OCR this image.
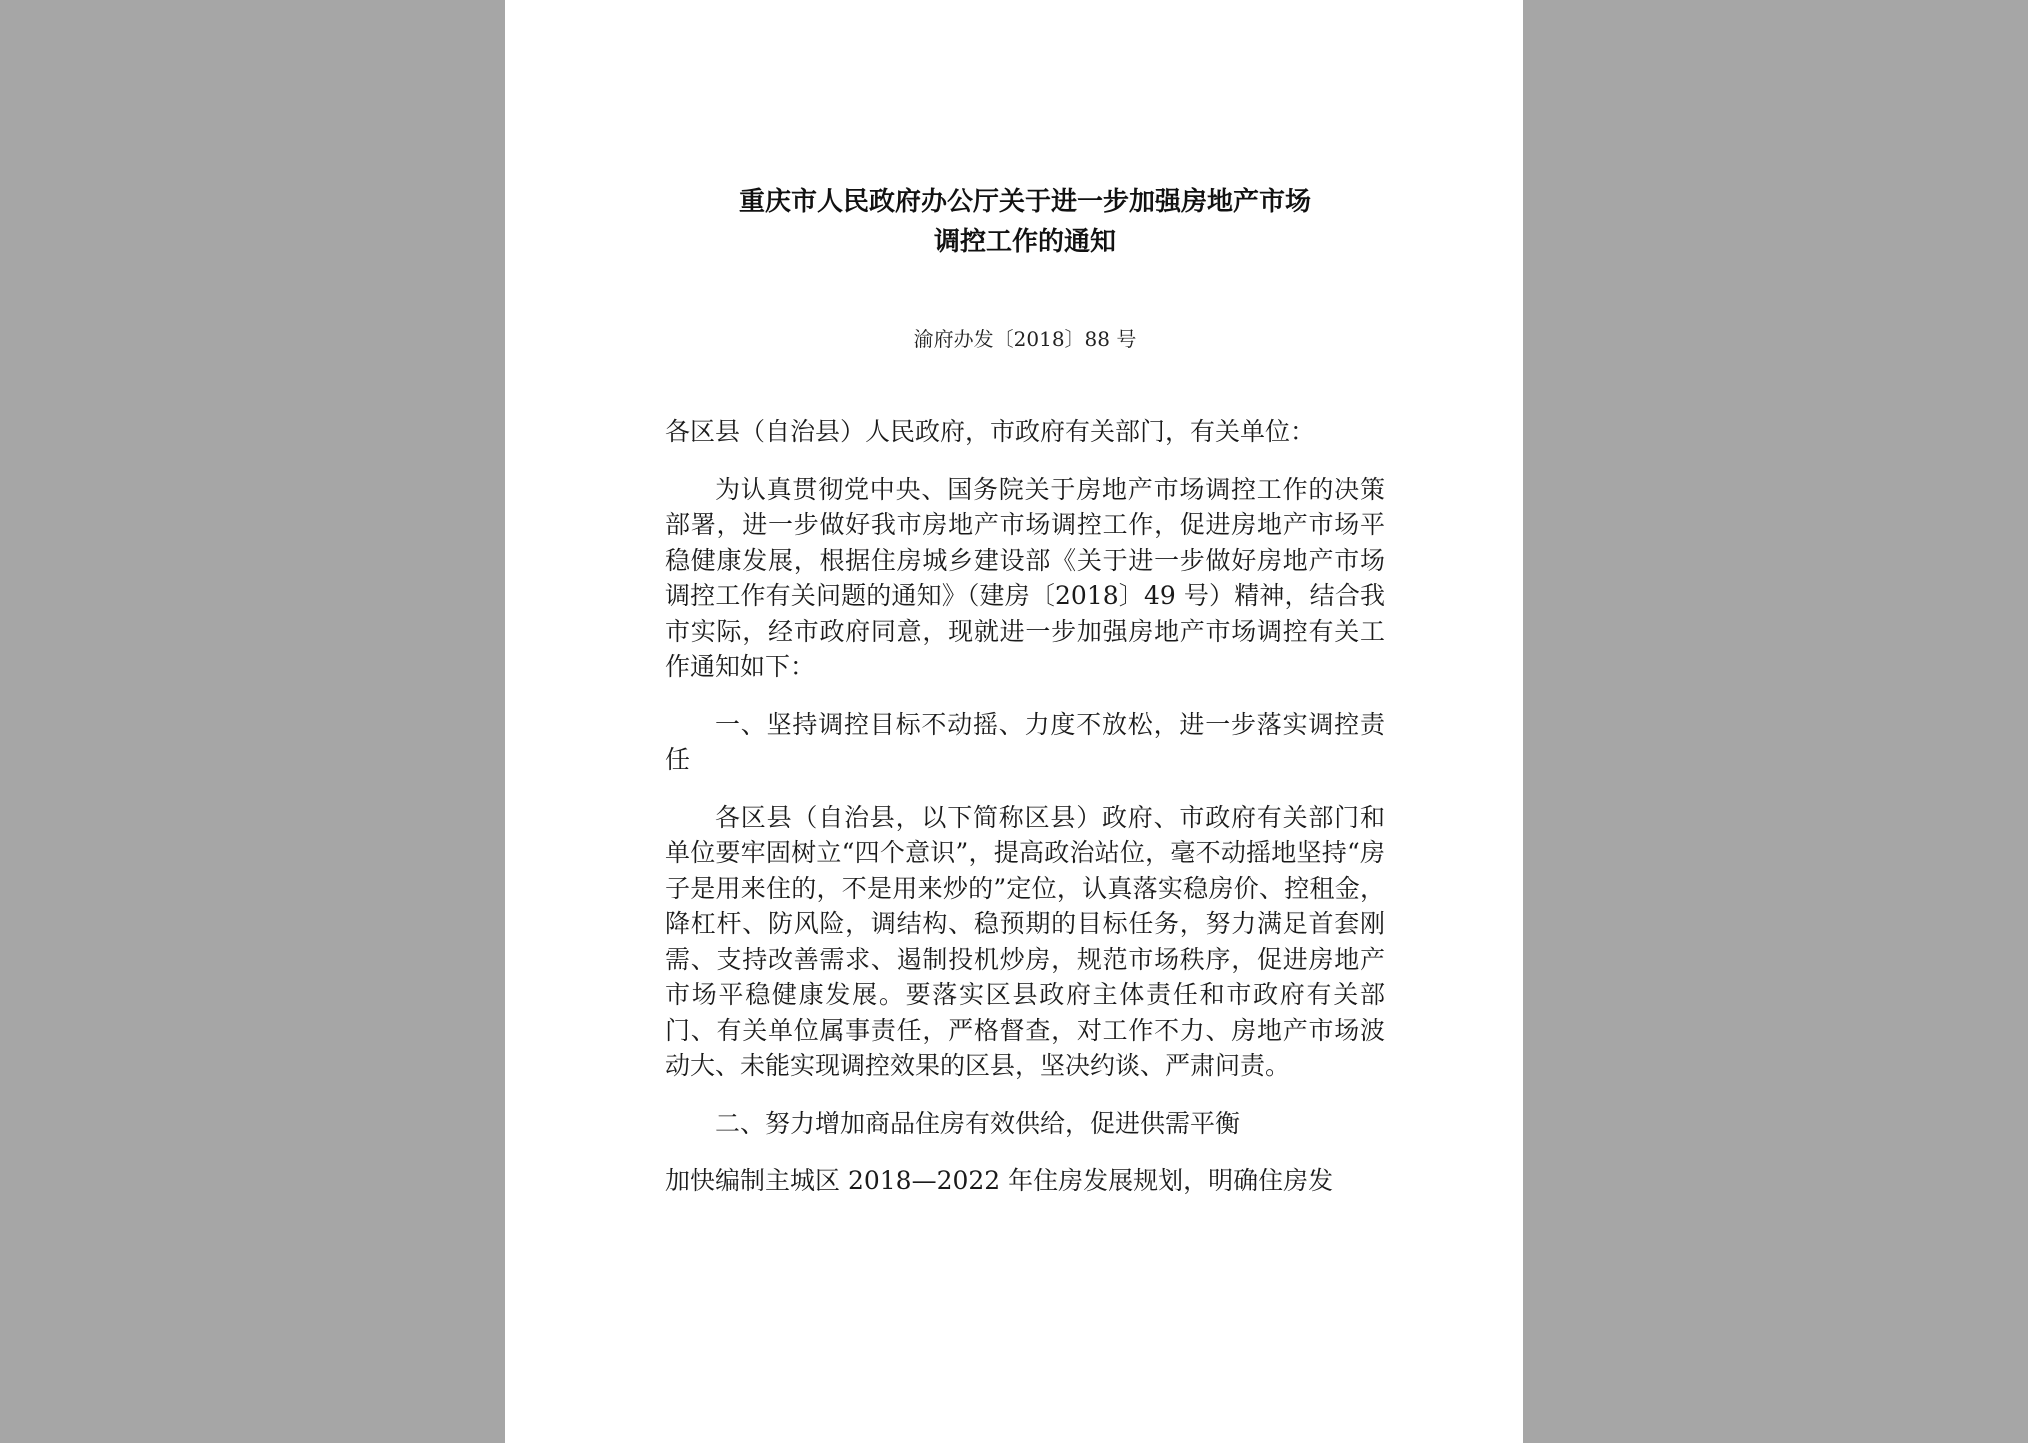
重庆市人民政府办公厅关于进一步加强房地产市场
调控工作的通知
渝府办发〔2018〕88 号

各区县（自治县）人民政府，市政府有关部门，有关单位：

为认真贯彻党中央、国务院关于房地产市场调控工作的决策部署，进一步做好我市房地产市场调控工作，促进房地产市场平稳健康发展，根据住房城乡建设部《关于进一步做好房地产市场调控工作有关问题的通知》（建房〔2018〕49 号）精神，结合我市实际，经市政府同意，现就进一步加强房地产市场调控有关工作通知如下：

一、坚持调控目标不动摇、力度不放松，进一步落实调控责任

各区县（自治县，以下简称区县）政府、市政府有关部门和单位要牢固树立“四个意识”，提高政治站位，毫不动摇地坚持“房子是用来住的，不是用来炒的”定位，认真落实稳房价、控租金，降杠杆、防风险，调结构、稳预期的目标任务，努力满足首套刚需、支持改善需求、遏制投机炒房，规范市场秩序，促进房地产市场平稳健康发展。要落实区县政府主体责任和市政府有关部门、有关单位属事责任，严格督查，对工作不力、房地产市场波动大、未能实现调控效果的区县，坚决约谈、严肃问责。

二、努力增加商品住房有效供给，促进供需平衡

加快编制主城区 2018—2022 年住房发展规划，明确住房发
